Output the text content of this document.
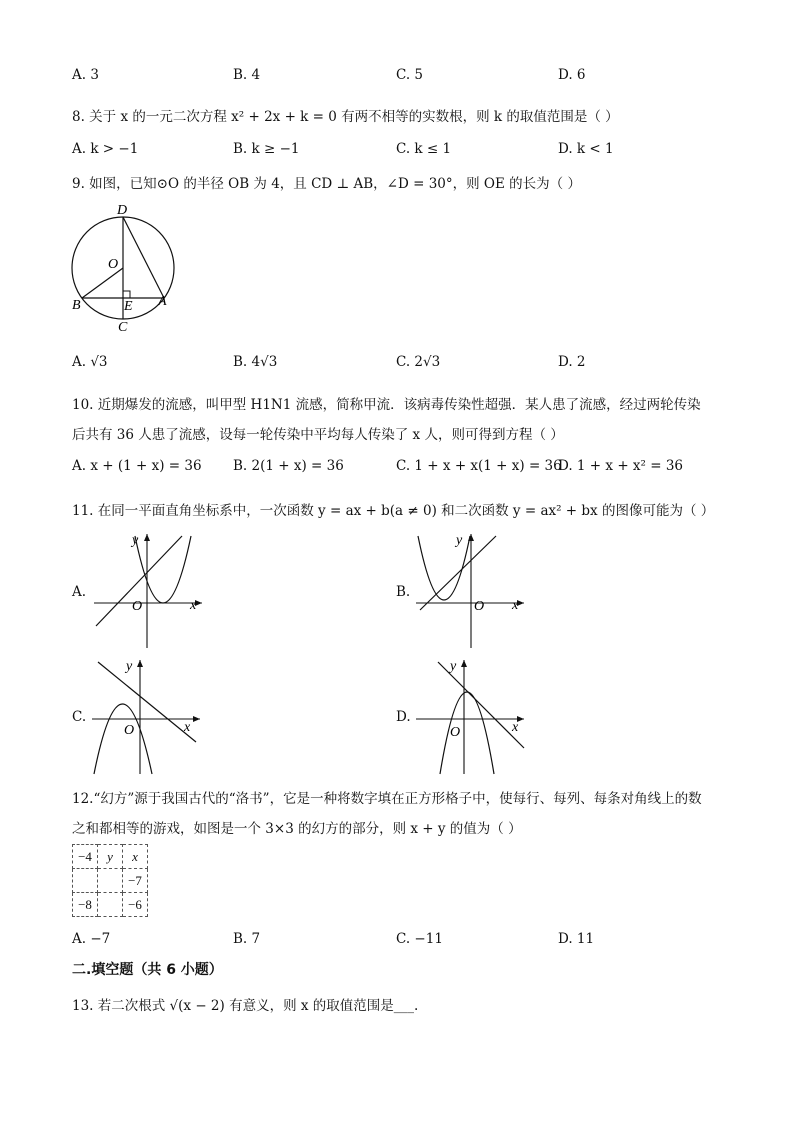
A. 3	B. 4	C. 5	D. 6
8. 关于 x 的一元二次方程 x² + 2x + k = 0 有两不相等的实数根，则 k 的取值范围是（ ）
A. k > −1	B. k ≥ −1	C. k ≤ 1	D. k < 1
9. 如图，已知⊙O 的半径 OB 为 4，且 CD ⊥ AB，∠D = 30°，则 OE 的长为（ ）
D
O
B	E A
C
A. √3	B. 4√3	C. 2√3	D. 2
10. 近期爆发的流感，叫甲型 H1N1 流感，简称甲流．该病毒传染性超强．某人患了流感，经过两轮传染
后共有 36 人患了流感，设每一轮传染中平均每人传染了 x 人，则可得到方程（ ）
A. x + (1 + x) = 36 B. 2(1 + x) = 36	C. 1 + x + x(1 + x) = 36
D. 1 + x + x² = 36
11. 在同一平面直角坐标系中，一次函数 y = ax + b(a ≠ 0) 和二次函数 y = ax² + bx 的图像可能为（ ）
A.
y
x
O
B.
y
x
O
C.
y
x
O
D.
y
x
O
12.“幻方”源于我国古代的“洛书”，它是一种将数字填在正方形格子中，使每行、每列、每条对角线上的数
之和都相等的游戏，如图是一个 3×3 的幻方的部分，则 x + y 的值为（ ）
−4	y	x
		−7
−8		−6
A. −7	B. 7	C. −11	D. 11
二.填空题（共 6 小题）
13. 若二次根式 √(x − 2) 有意义，则 x 的取值范围是___.
